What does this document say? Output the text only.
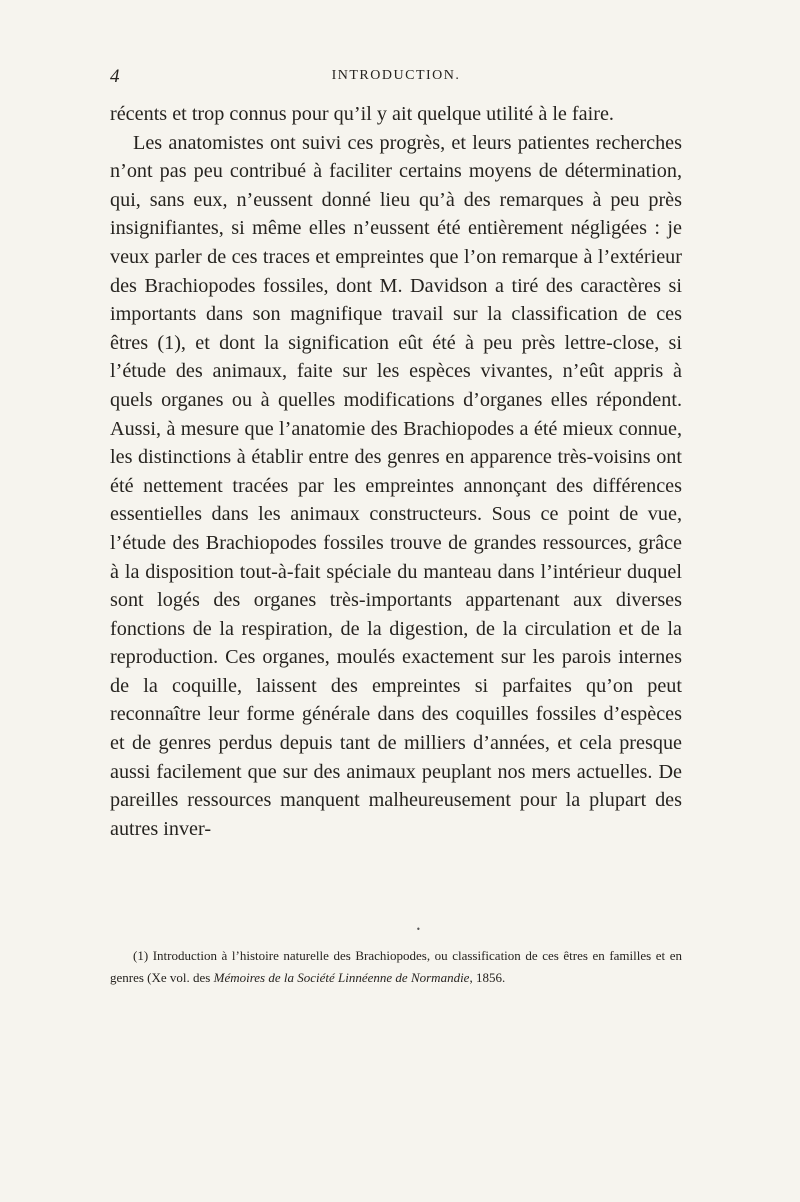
4	INTRODUCTION.

récents et trop connus pour qu’il y ait quelque utilité à le faire.

Les anatomistes ont suivi ces progrès, et leurs patientes recherches n’ont pas peu contribué à faciliter certains moyens de détermination, qui, sans eux, n’eussent donné lieu qu’à des remarques à peu près insignifiantes, si même elles n’eussent été entièrement négligées : je veux parler de ces traces et empreintes que l’on remarque à l’extérieur des Brachiopodes fossiles, dont M. Davidson a tiré des caractères si importants dans son magnifique travail sur la classification de ces êtres (1), et dont la signification eût été à peu près lettre-close, si l’étude des animaux, faite sur les espèces vivantes, n’eût appris à quels organes ou à quelles modifications d’organes elles répondent. Aussi, à mesure que l’anatomie des Brachiopodes a été mieux connue, les distinctions à établir entre des genres en apparence très-voisins ont été nettement tracées par les empreintes annonçant des différences essentielles dans les animaux constructeurs. Sous ce point de vue, l’étude des Brachiopodes fossiles trouve de grandes ressources, grâce à la disposition tout-à-fait spéciale du manteau dans l’intérieur duquel sont logés des organes très-importants appartenant aux diverses fonctions de la respiration, de la digestion, de la circulation et de la reproduction. Ces organes, moulés exactement sur les parois internes de la coquille, laissent des empreintes si parfaites qu’on peut reconnaître leur forme générale dans des coquilles fossiles d’espèces et de genres perdus depuis tant de milliers d’années, et cela presque aussi facilement que sur des animaux peuplant nos mers actuelles. De pareilles ressources manquent malheureusement pour la plupart des autres inver-

•

(1) Introduction à l’histoire naturelle des Brachiopodes, ou classification de ces êtres en familles et en genres (Xe vol. des Mémoires de la Société Linnéenne de Normandie, 1856.
